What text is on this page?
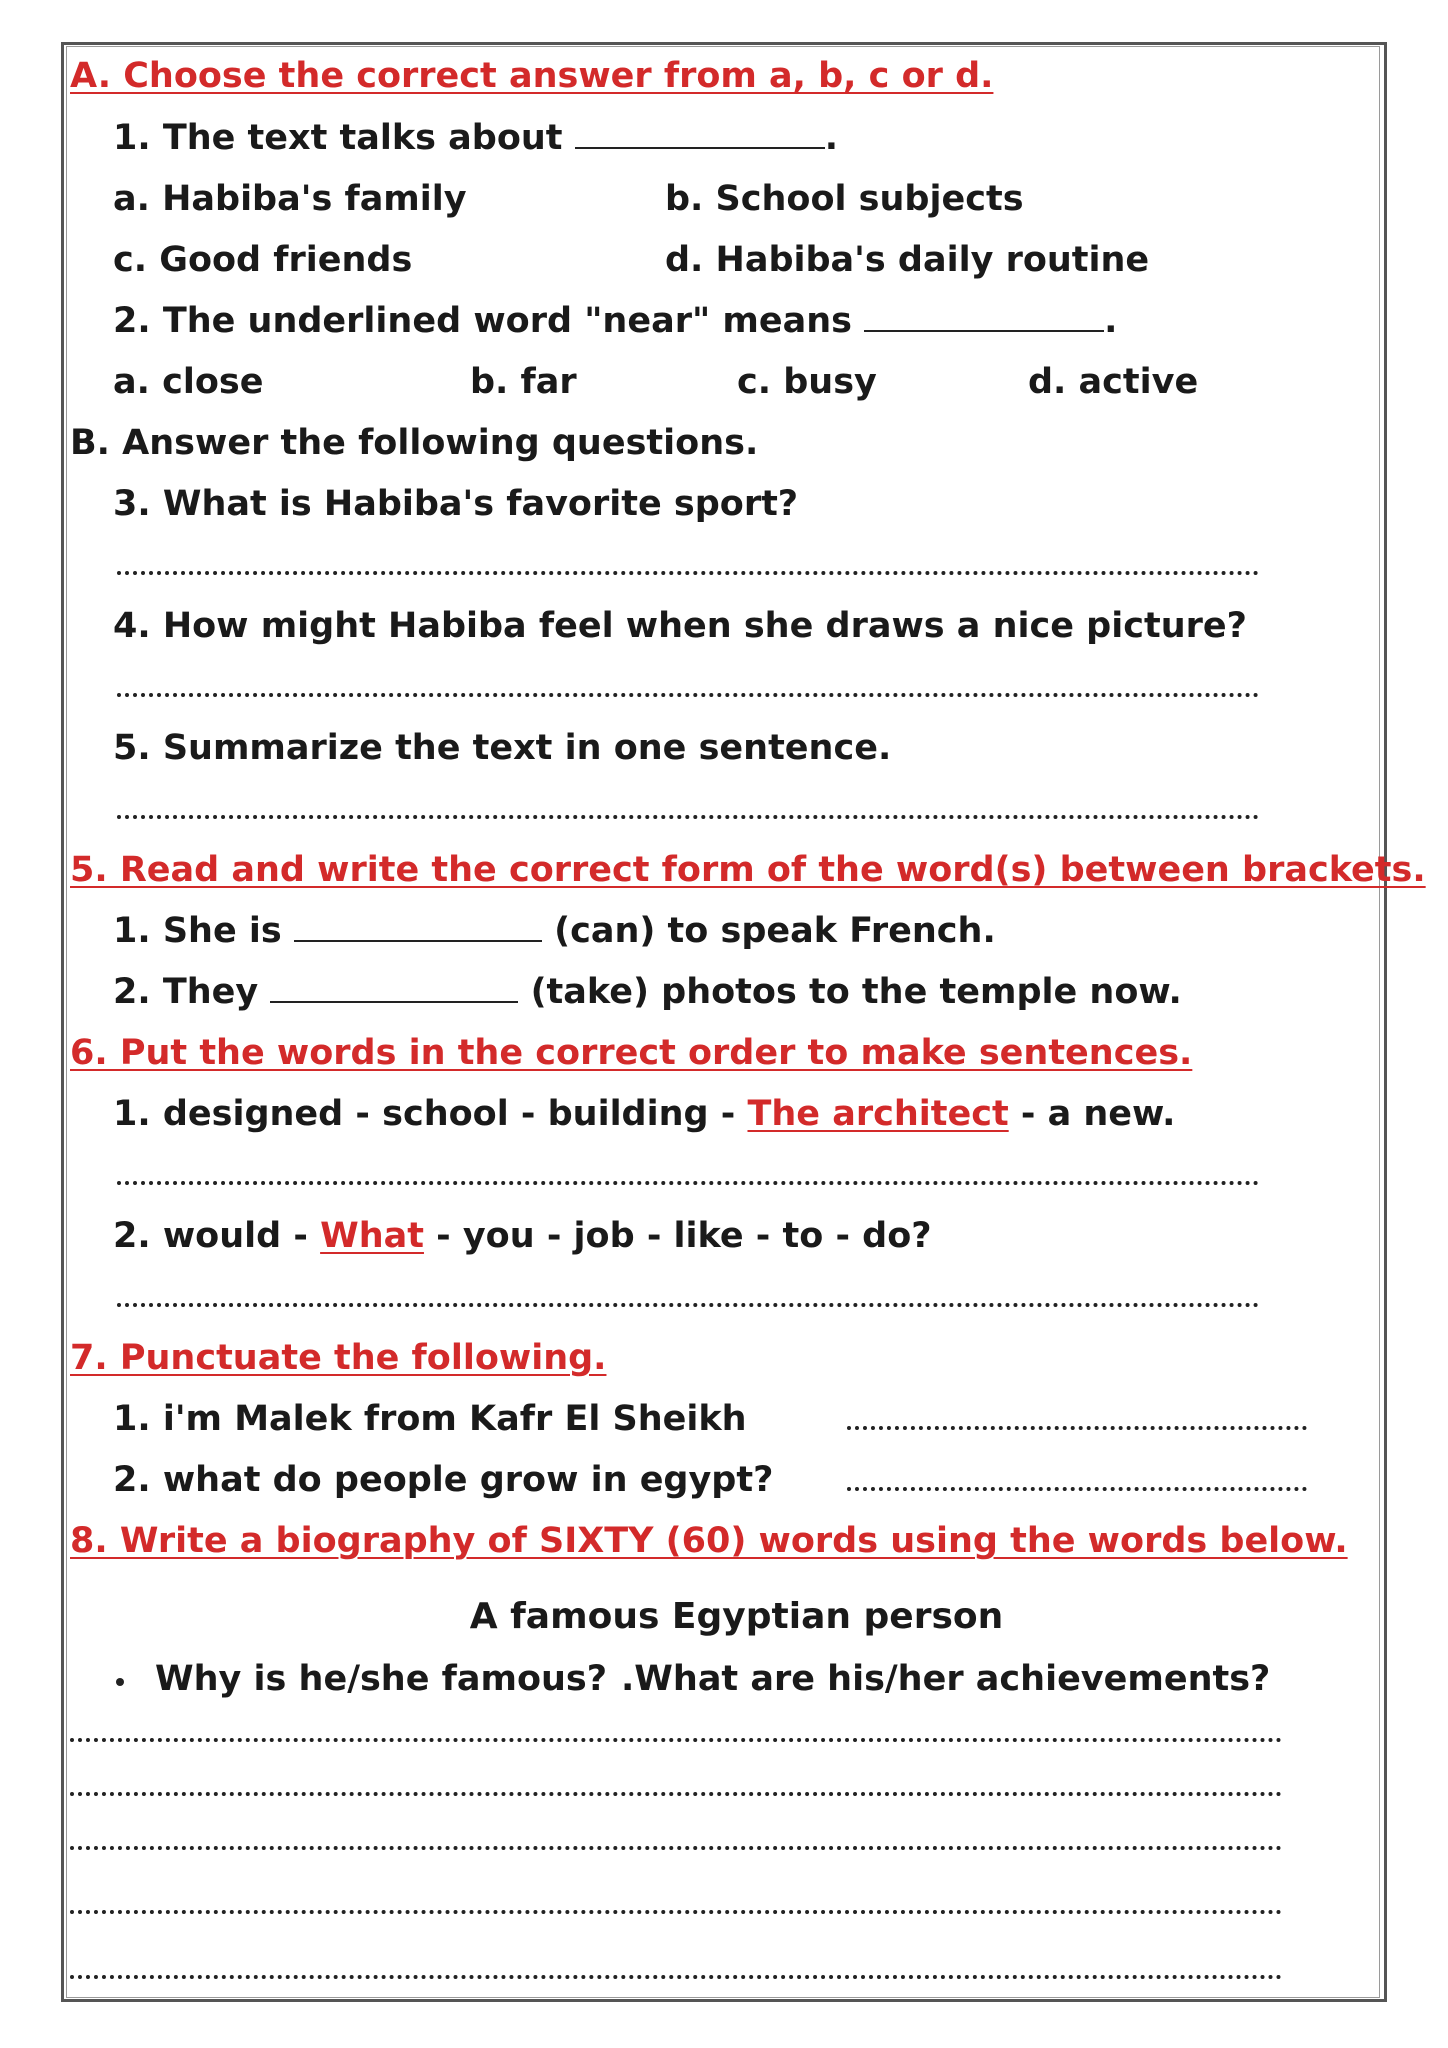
A. Choose the correct answer from a, b, c or d.
1. The text talks about	.
a. Habiba's family	b. School subjects
c. Good friends	d. Habiba's daily routine
2. The underlined word "near" means	.
a. close	b. far	c. busy	d. active
B. Answer the following questions.
3. What is Habiba's favorite sport?
4. How might Habiba feel when she draws a nice picture?
5. Summarize the text in one sentence.
5. Read and write the correct form of the word(s) between brackets.
1. She is	(can) to speak French.
2. They	(take) photos to the temple now.
6. Put the words in the correct order to make sentences.
1. designed - school - building - The architect - a new.
2. would - What - you - job - like - to - do?
7. Punctuate the following.
1. i'm Malek from Kafr El Sheikh
2. what do people grow in egypt?
8. Write a biography of SIXTY (60) words using the words below.
A famous Egyptian person
Why is he/she famous? .What are his/her achievements?
